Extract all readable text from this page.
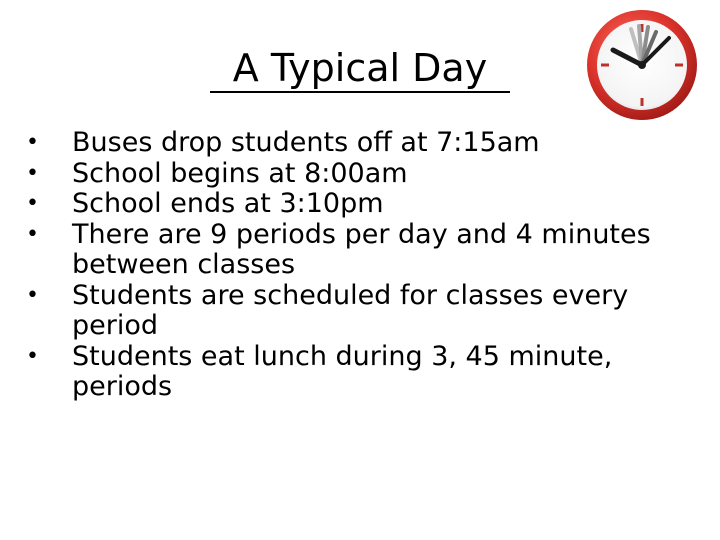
A Typical Day
• Buses drop students off at 7:15am
• School begins at 8:00am
• School ends at 3:10pm
• There are 9 periods per day and 4 minutes between classes
• Students are scheduled for classes every period
• Students eat lunch during 3, 45 minute, periods
